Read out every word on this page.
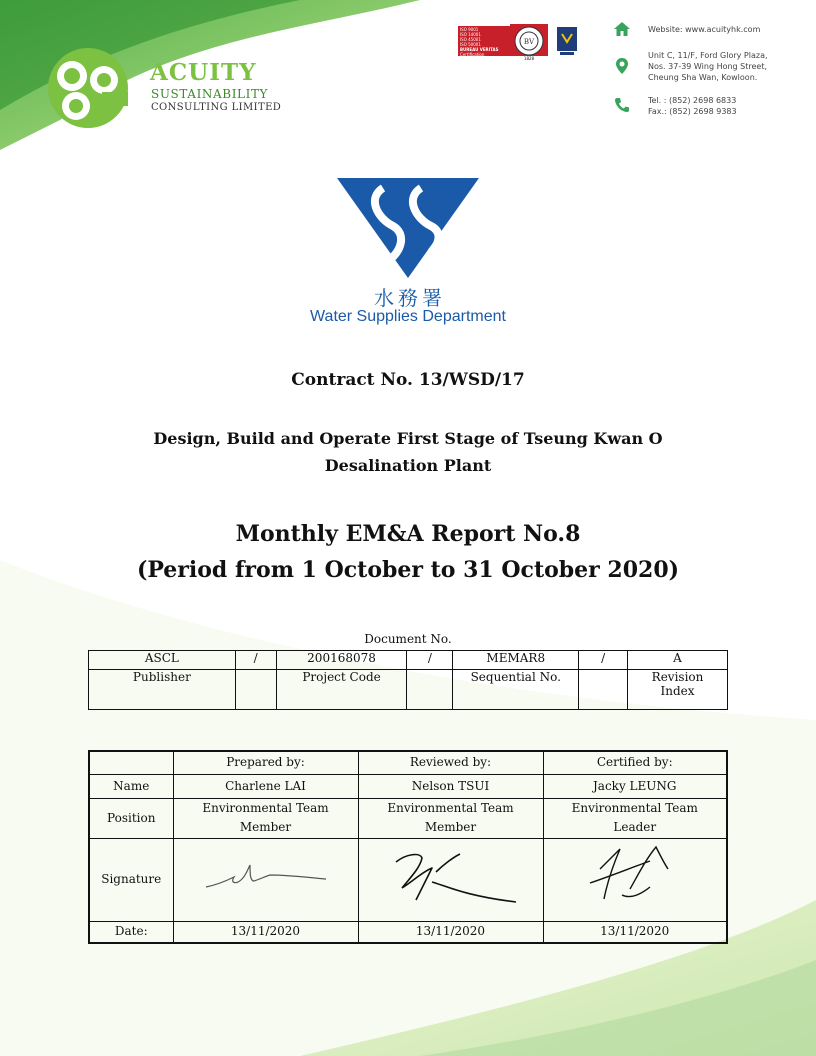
ACUITY
SUSTAINABILITY
CONSULTING LIMITED
ISO 9001
ISO 14001
ISO 45001
ISO 50001
BUREAU VERITAS
Certification
BV
1828
Website: www.acuityhk.com
Unit C, 11/F, Ford Glory Plaza,
Nos. 37-39 Wing Hong Street,
Cheung Sha Wan, Kowloon.
Tel. : (852) 2698 6833
Fax.: (852) 2698 9383
水務署
Water Supplies Department
Contract No. 13/WSD/17
Design, Build and Operate First Stage of Tseung Kwan O
Desalination Plant
Monthly EM&A Report No.8
(Period from 1 October to 31 October 2020)
Document No.
ASCL	/	200168078	/	MEMAR8	/	A
Publisher		Project Code		Sequential No.		Revision Index
	Prepared by:	Reviewed by:	Certified by:
Name	Charlene LAI	Nelson TSUI	Jacky LEUNG
Position	Environmental Team Member	Environmental Team Member	Environmental Team Leader
Signature			
Date:	13/11/2020	13/11/2020	13/11/2020
